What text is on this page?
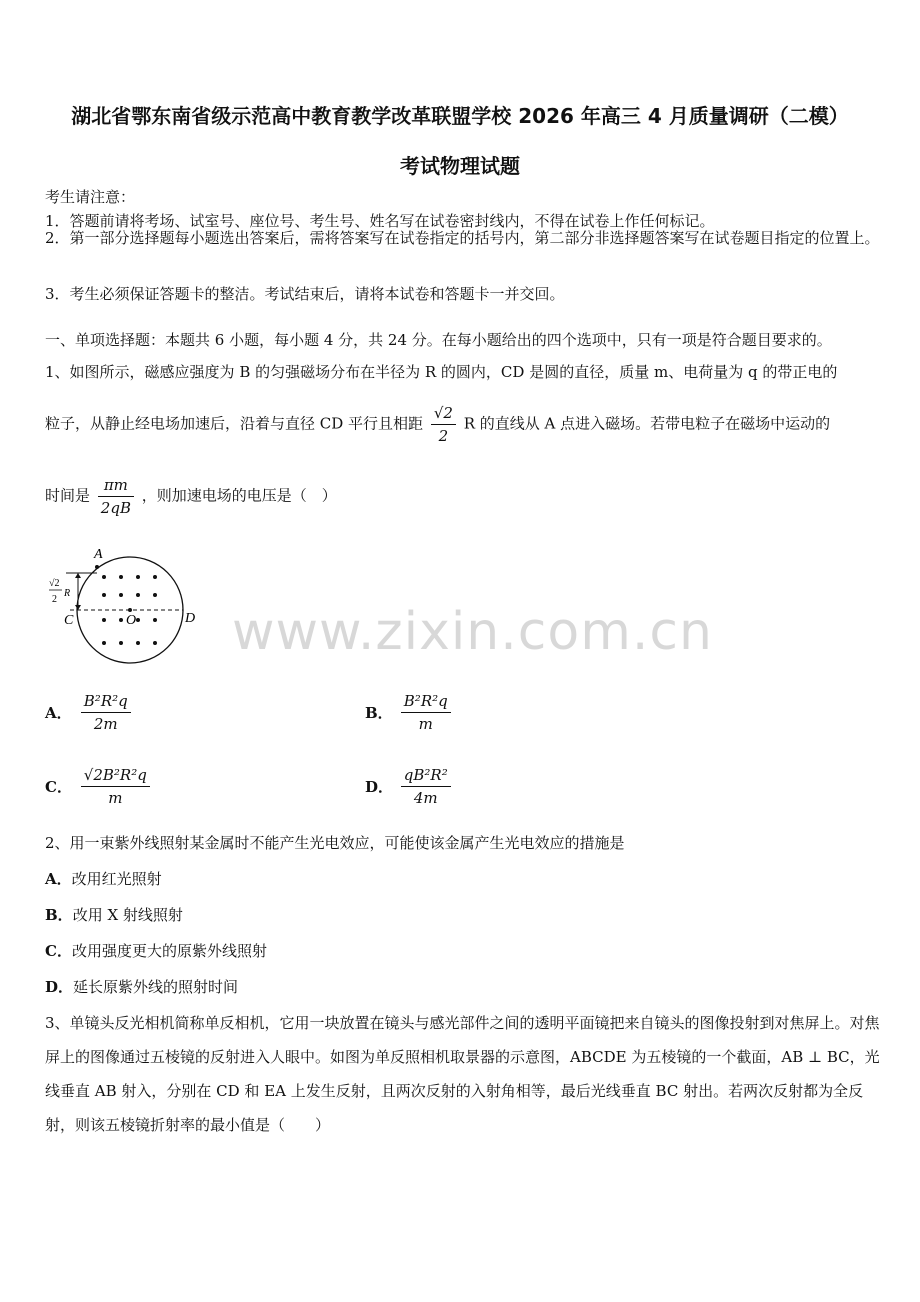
湖北省鄂东南省级示范高中教育教学改革联盟学校 2026 年高三 4 月质量调研（二模）
考试物理试题
考生请注意：
1．答题前请将考场、试室号、座位号、考生号、姓名写在试卷密封线内，不得在试卷上作任何标记。
2．第一部分选择题每小题选出答案后，需将答案写在试卷指定的括号内，第二部分非选择题答案写在试卷题目指定的位置上。
3．考生必须保证答题卡的整洁。考试结束后，请将本试卷和答题卡一并交回。
一、单项选择题：本题共 6 小题，每小题 4 分，共 24 分。在每小题给出的四个选项中，只有一项是符合题目要求的。
1、如图所示，磁感应强度为 B 的匀强磁场分布在半径为 R 的圆内，CD 是圆的直径，质量 m、电荷量为 q 的带正电的
粒子，从静止经电场加速后，沿着与直径 CD 平行且相距 $\frac{√2}{2}$ R 的直线从 A 点进入磁场。若带电粒子在磁场中运动的
时间是 $\frac{\pi m}{2qB}$ ，则加速电场的电压是（　）
A
C	O	D
R
√2
2
www.zixin.com.cn
A． $\frac{\text{B²R²q}}{2m}$	B． $\frac{\text{B²R²q}}{m}$
C． $\frac{\text{√2B²R²q}}{m}$	D． $\frac{\text{qB²R²}}{4m}$
2、用一束紫外线照射某金属时不能产生光电效应，可能使该金属产生光电效应的措施是
A．改用红光照射
B．改用 X 射线照射
C．改用强度更大的原紫外线照射
D．延长原紫外线的照射时间
3、单镜头反光相机简称单反相机，它用一块放置在镜头与感光部件之间的透明平面镜把来自镜头的图像投射到对焦屏上。对焦屏上的图像通过五棱镜的反射进入人眼中。如图为单反照相机取景器的示意图，ABCDE 为五棱镜的一个截面，AB ⊥ BC，光线垂直 AB 射入，分别在 CD 和 EA 上发生反射，且两次反射的入射角相等，最后光线垂直 BC 射出。若两次反射都为全反射，则该五棱镜折射率的最小值是（　　）
